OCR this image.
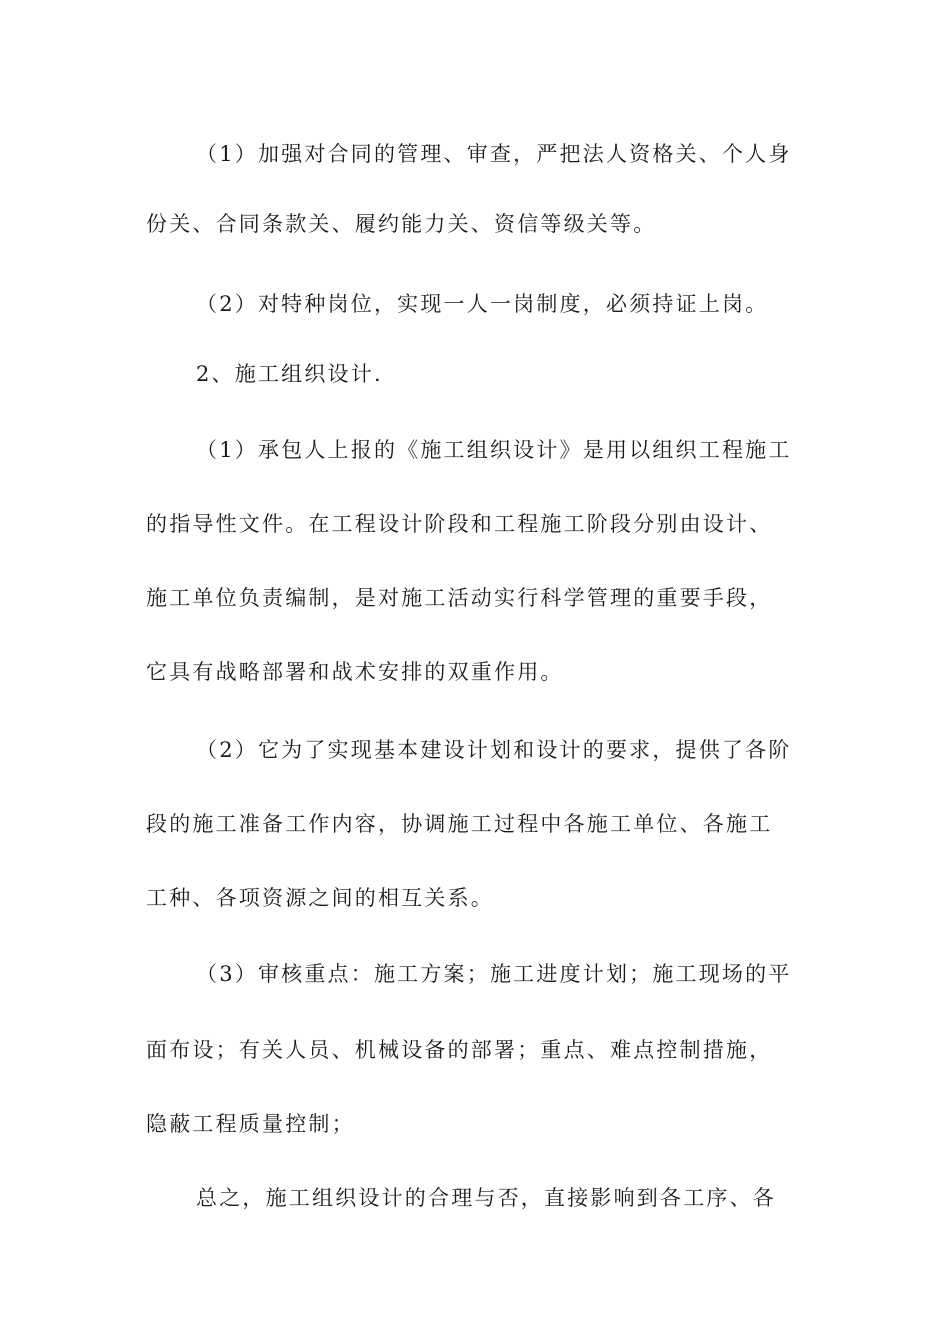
（1）加强对合同的管理、审查，严把法人资格关、个人身
份关、合同条款关、履约能力关、资信等级关等。
（2）对特种岗位，实现一人一岗制度，必须持证上岗。
2、施工组织设计.
（1）承包人上报的《施工组织设计》是用以组织工程施工
的指导性文件。在工程设计阶段和工程施工阶段分别由设计、
施工单位负责编制，是对施工活动实行科学管理的重要手段，
它具有战略部署和战术安排的双重作用。
（2）它为了实现基本建设计划和设计的要求，提供了各阶
段的施工准备工作内容，协调施工过程中各施工单位、各施工
工种、各项资源之间的相互关系。
（3）审核重点：施工方案；施工进度计划；施工现场的平
面布设；有关人员、机械设备的部署；重点、难点控制措施，
隐蔽工程质量控制；
总之，施工组织设计的合理与否，直接影响到各工序、各
